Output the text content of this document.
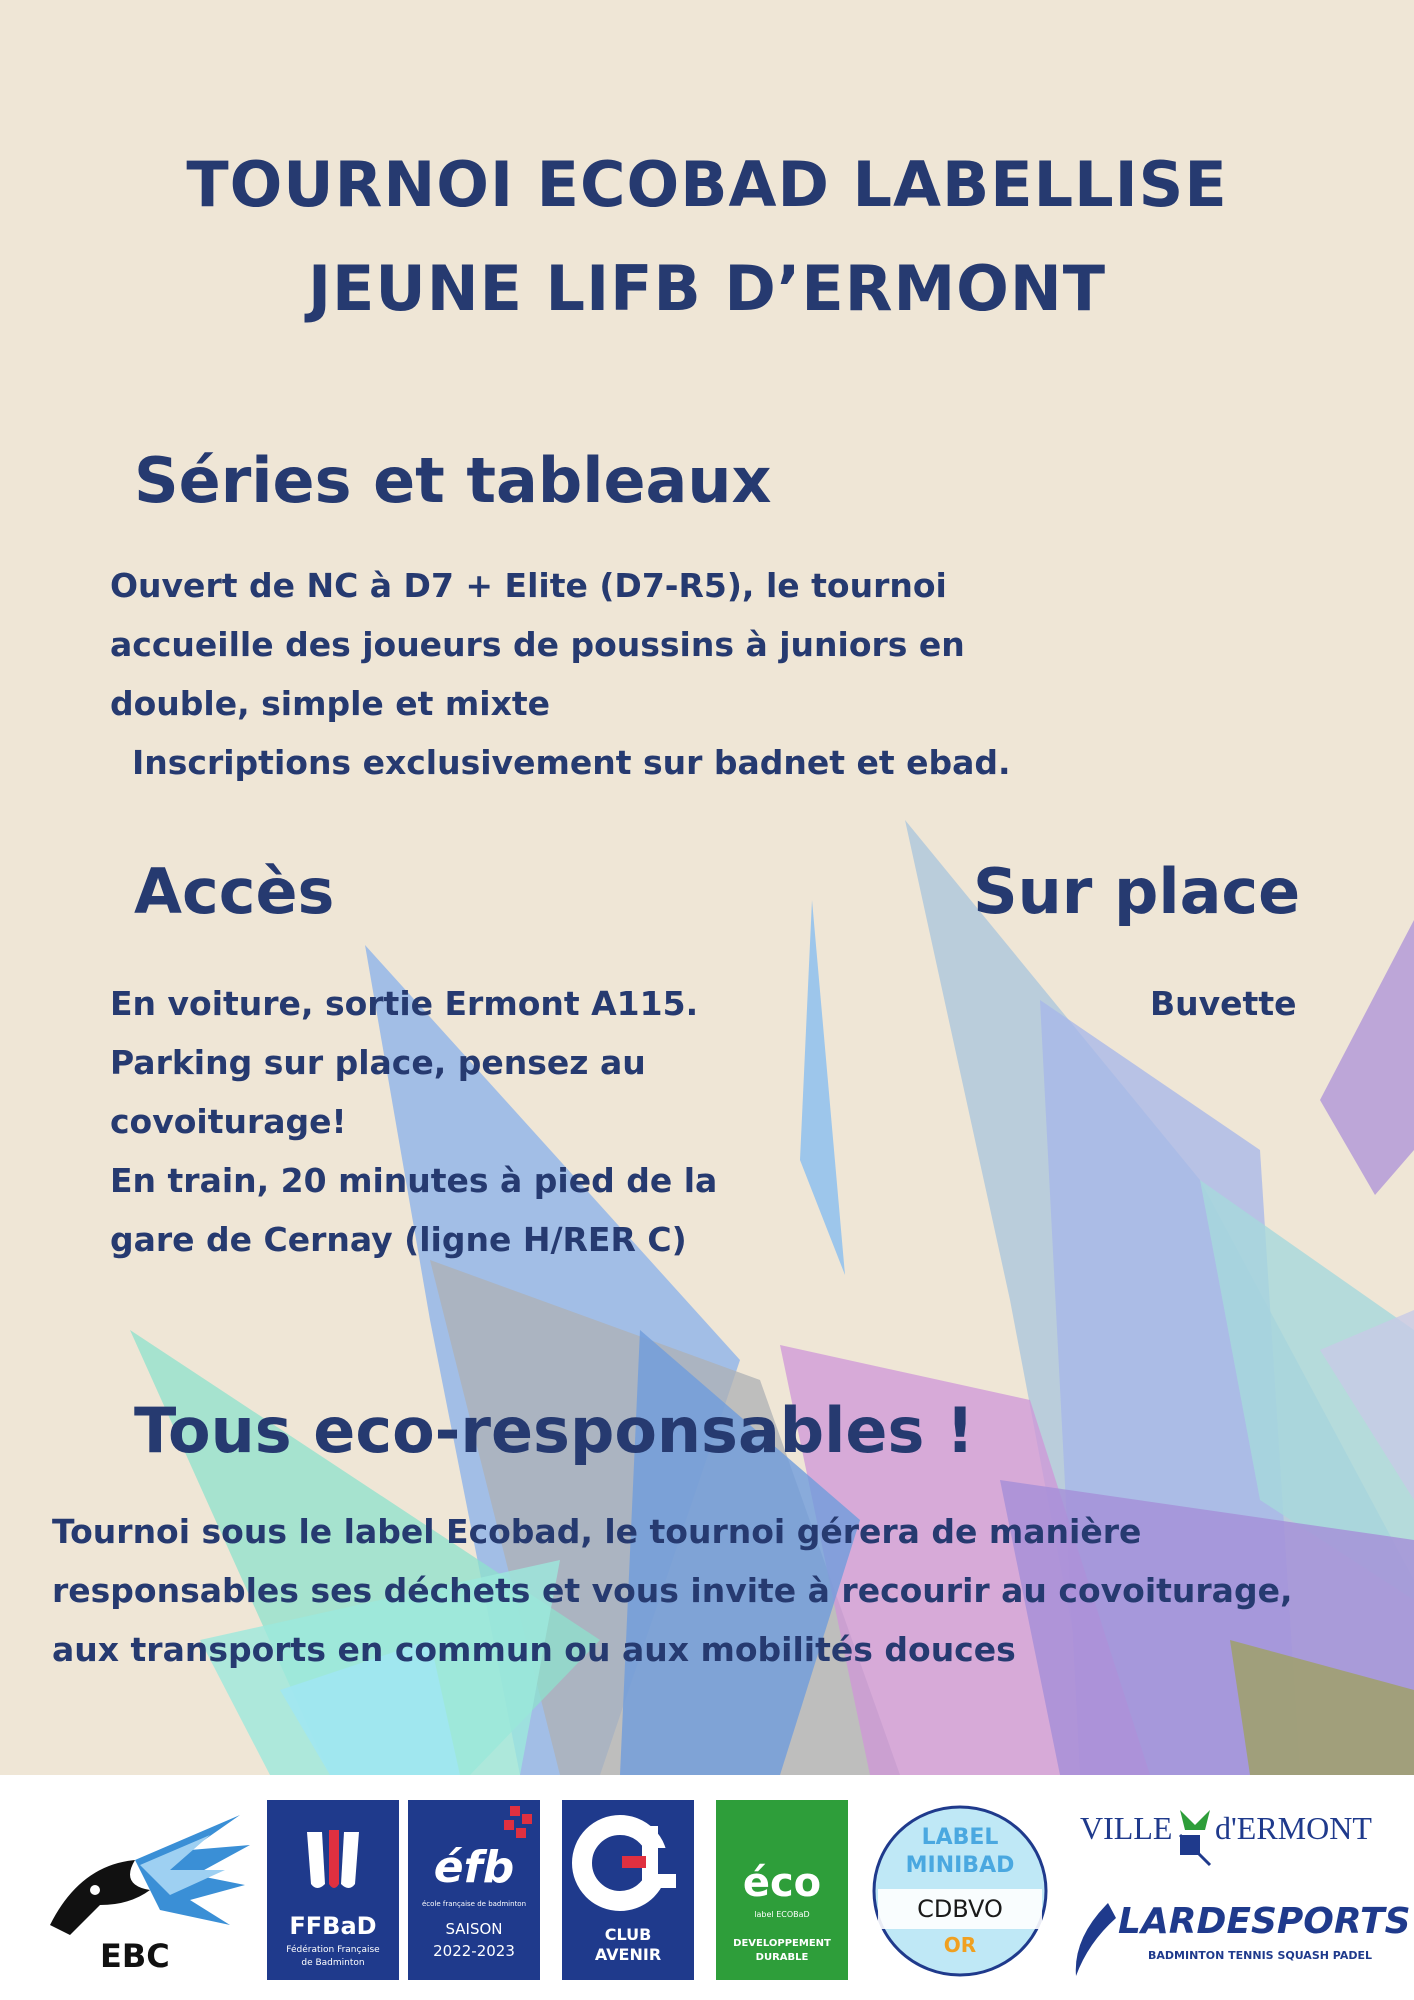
TOURNOI ECOBAD LABELLISE
JEUNE LIFB D’ERMONT
Séries et tableaux
Ouvert de NC à D7 + Elite (D7-R5), le tournoi
accueille des joueurs de poussins à juniors en
double, simple et mixte
Inscriptions exclusivement sur badnet et ebad.
Accès
En voiture, sortie Ermont A115.
Parking sur place, pensez au
covoiturage!
En train, 20 minutes à pied de la
gare de Cernay (ligne H/RER C)
Sur place
Buvette
Tous eco-responsables !
Tournoi sous le label Ecobad, le tournoi gérera de manière
responsables ses déchets et vous invite à recourir au covoiturage,
aux transports en commun ou aux mobilités douces

EBC

FFBaD

Fédération Française

de Badminton

éfb

école française de badminton

SAISON

2022-2023

CA

CLUB

AVENIR

éco

label ECOBaD

DEVELOPPEMENT

DURABLE

LABEL

MINIBAD

CDBVO

OR

VILLE d'ERMONT

LARDESPORTS

BADMINTON TENNIS SQUASH PADEL
